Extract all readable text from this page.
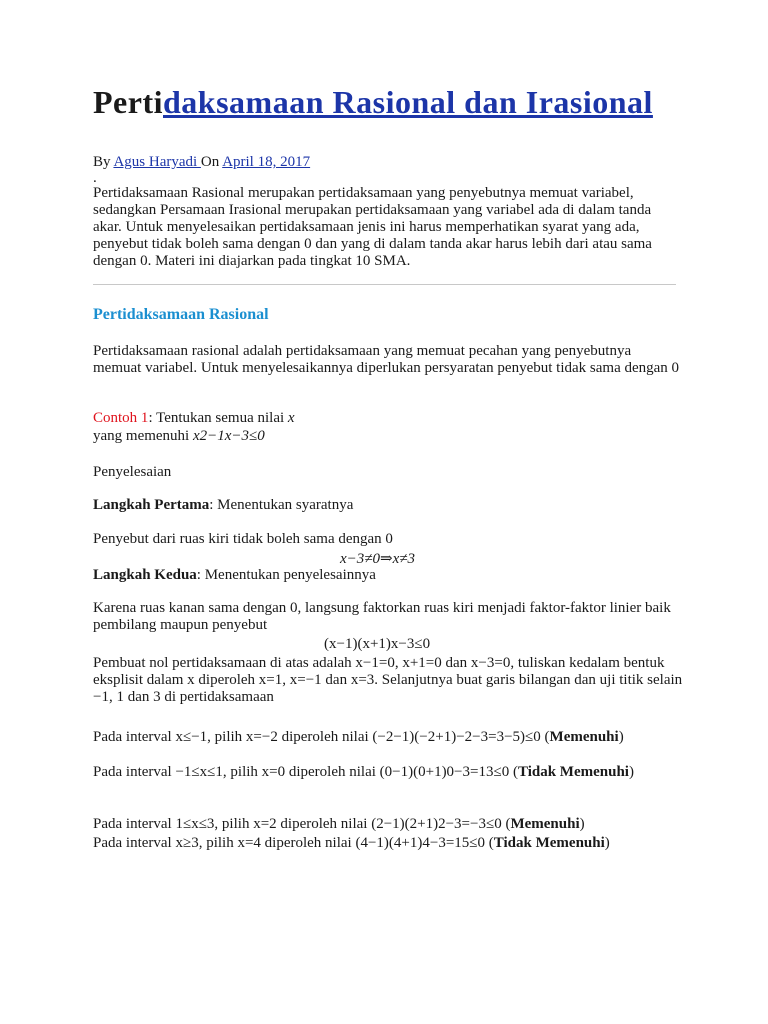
Pertidaksamaan Rasional dan Irasional
By Agus Haryadi On April 18, 2017
.
Pertidaksamaan Rasional merupakan pertidaksamaan yang penyebutnya memuat variabel, sedangkan Persamaan Irasional merupakan pertidaksamaan yang variabel ada di dalam tanda akar. Untuk menyelesaikan pertidaksamaan jenis ini harus memperhatikan syarat yang ada, penyebut tidak boleh sama dengan 0 dan yang di dalam tanda akar harus lebih dari atau sama dengan 0. Materi ini diajarkan pada tingkat 10 SMA.
Pertidaksamaan Rasional
Pertidaksamaan rasional adalah pertidaksamaan yang memuat pecahan yang penyebutnya memuat variabel. Untuk menyelesaikannya diperlukan persyaratan penyebut tidak sama dengan 0
Contoh 1: Tentukan semua nilai x
yang memenuhi x2−1x−3≤0
Penyelesaian
Langkah Pertama: Menentukan syaratnya
Penyebut dari ruas kiri tidak boleh sama dengan 0
x−3≠0⇒x≠3
Langkah Kedua: Menentukan penyelesainnya
Karena ruas kanan sama dengan 0, langsung faktorkan ruas kiri menjadi faktor-faktor linier baik pembilang maupun penyebut
(x−1)(x+1)x−3≤0
Pembuat nol pertidaksamaan di atas adalah x−1=0, x+1=0 dan x−3=0, tuliskan kedalam bentuk eksplisit dalam x diperoleh x=1, x=−1 dan x=3. Selanjutnya buat garis bilangan dan uji titik selain −1, 1 dan 3 di pertidaksamaan
Pada interval x≤−1, pilih x=−2 diperoleh nilai (−2−1)(−2+1)−2−3=3−5)≤0 (Memenuhi)
Pada interval −1≤x≤1, pilih x=0 diperoleh nilai (0−1)(0+1)0−3=13≤0 (Tidak Memenuhi)
Pada interval 1≤x≤3, pilih x=2 diperoleh nilai (2−1)(2+1)2−3=−3≤0 (Memenuhi)
Pada interval x≥3, pilih x=4 diperoleh nilai (4−1)(4+1)4−3=15≤0 (Tidak Memenuhi)
